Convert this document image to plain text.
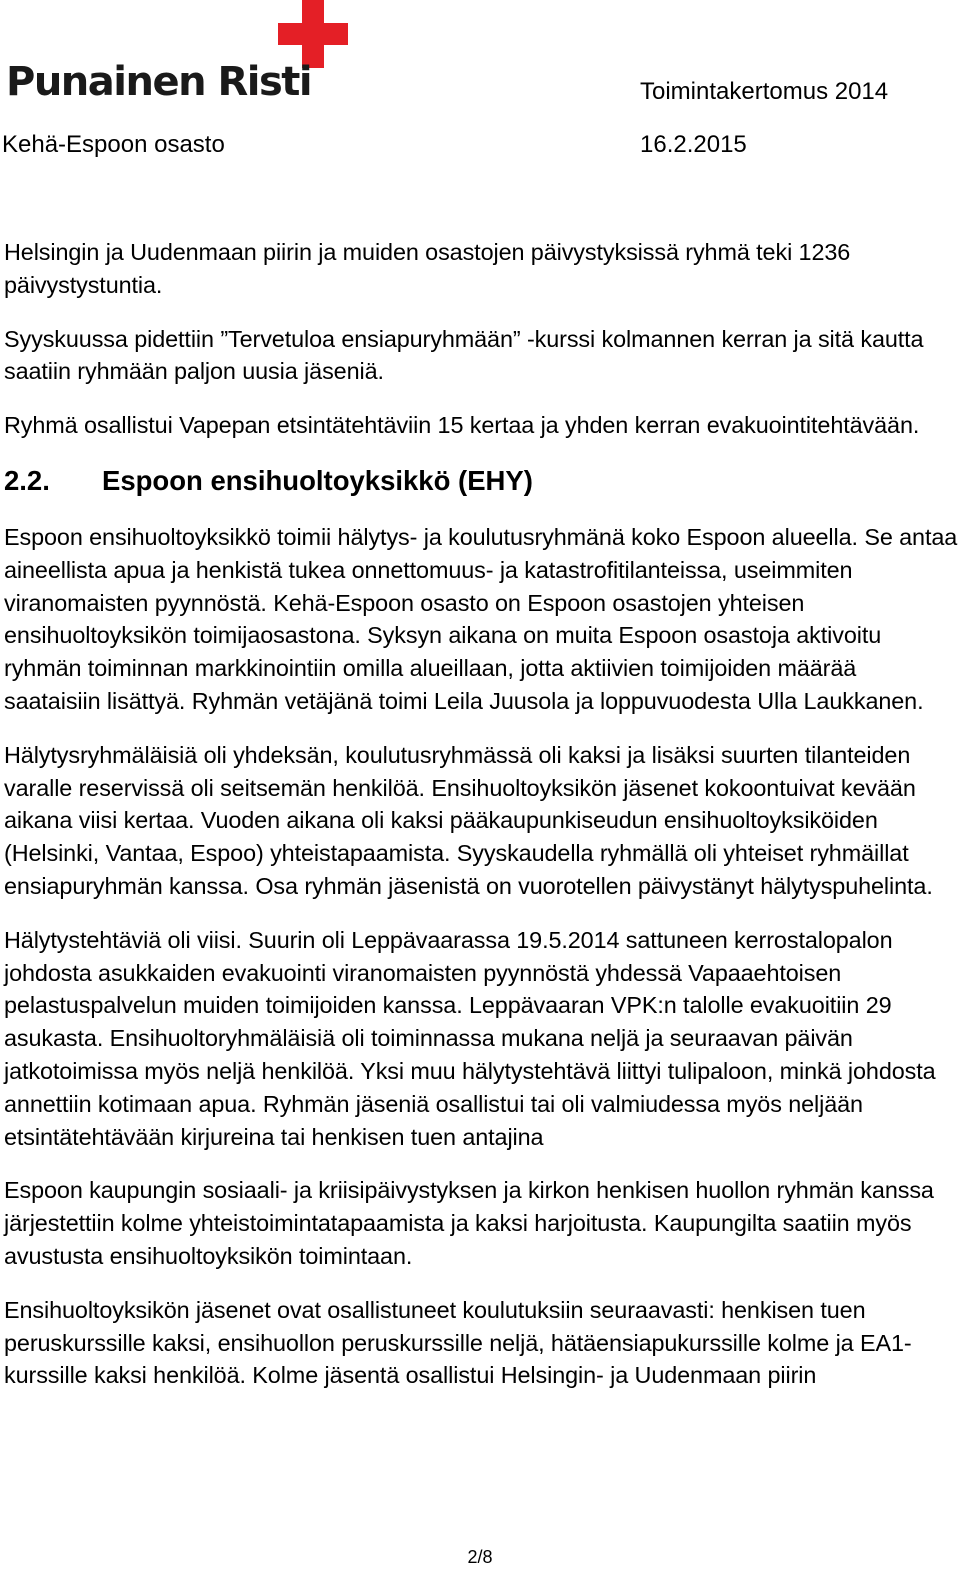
Punainen Risti	Toimintakertomus 2014
Kehä-Espoon osasto	16.2.2015

Helsingin ja Uudenmaan piirin ja muiden osastojen päivystyksissä ryhmä teki 1236 päivystystuntia.

Syyskuussa pidettiin ”Tervetuloa ensiapuryhmään” -kurssi kolmannen kerran ja sitä kautta saatiin ryhmään paljon uusia jäseniä.

Ryhmä osallistui Vapepan etsintätehtäviin 15 kertaa ja yhden kerran evakuointitehtävään.

2.2. Espoon ensihuoltoyksikkö (EHY)

Espoon ensihuoltoyksikkö toimii hälytys- ja koulutusryhmänä koko Espoon alueella. Se antaa aineellista apua ja henkistä tukea onnettomuus- ja katastrofitilanteissa, useimmiten viranomaisten pyynnöstä. Kehä-Espoon osasto on Espoon osastojen yhteisen ensihuoltoyksikön toimijaosastona. Syksyn aikana on muita Espoon osastoja aktivoitu ryhmän toiminnan markkinointiin omilla alueillaan, jotta aktiivien toimijoiden määrää saataisiin lisättyä. Ryhmän vetäjänä toimi Leila Juusola ja loppuvuodesta Ulla Laukkanen.

Hälytysryhmäläisiä oli yhdeksän, koulutusryhmässä oli kaksi ja lisäksi suurten tilanteiden varalle reservissä oli seitsemän henkilöä. Ensihuoltoyksikön jäsenet kokoontuivat kevään aikana viisi kertaa. Vuoden aikana oli kaksi pääkaupunkiseudun ensihuoltoyksiköiden (Helsinki, Vantaa, Espoo) yhteistapaamista. Syyskaudella ryhmällä oli yhteiset ryhmäillat ensiapuryhmän kanssa. Osa ryhmän jäsenistä on vuorotellen päivystänyt hälytyspuhelinta.

Hälytystehtäviä oli viisi. Suurin oli Leppävaarassa 19.5.2014 sattuneen kerrostalopalon johdosta asukkaiden evakuointi viranomaisten pyynnöstä yhdessä Vapaaehtoisen pelastuspalvelun muiden toimijoiden kanssa. Leppävaaran VPK:n talolle evakuoitiin 29 asukasta. Ensihuoltoryhmäläisiä oli toiminnassa mukana neljä ja seuraavan päivän jatkotoimissa myös neljä henkilöä. Yksi muu hälytystehtävä liittyi tulipaloon, minkä johdosta annettiin kotimaan apua. Ryhmän jäseniä osallistui tai oli valmiudessa myös neljään etsintätehtävään kirjureina tai henkisen tuen antajina

Espoon kaupungin sosiaali- ja kriisipäivystyksen ja kirkon henkisen huollon ryhmän kanssa järjestettiin kolme yhteistoimintatapaamista ja kaksi harjoitusta. Kaupungilta saatiin myös avustusta ensihuoltoyksikön toimintaan.

Ensihuoltoyksikön jäsenet ovat osallistuneet koulutuksiin seuraavasti: henkisen tuen peruskurssille kaksi, ensihuollon peruskurssille neljä, hätäensiapukurssille kolme ja EA1-kurssille kaksi henkilöä. Kolme jäsentä osallistui Helsingin- ja Uudenmaan piirin

2/8
